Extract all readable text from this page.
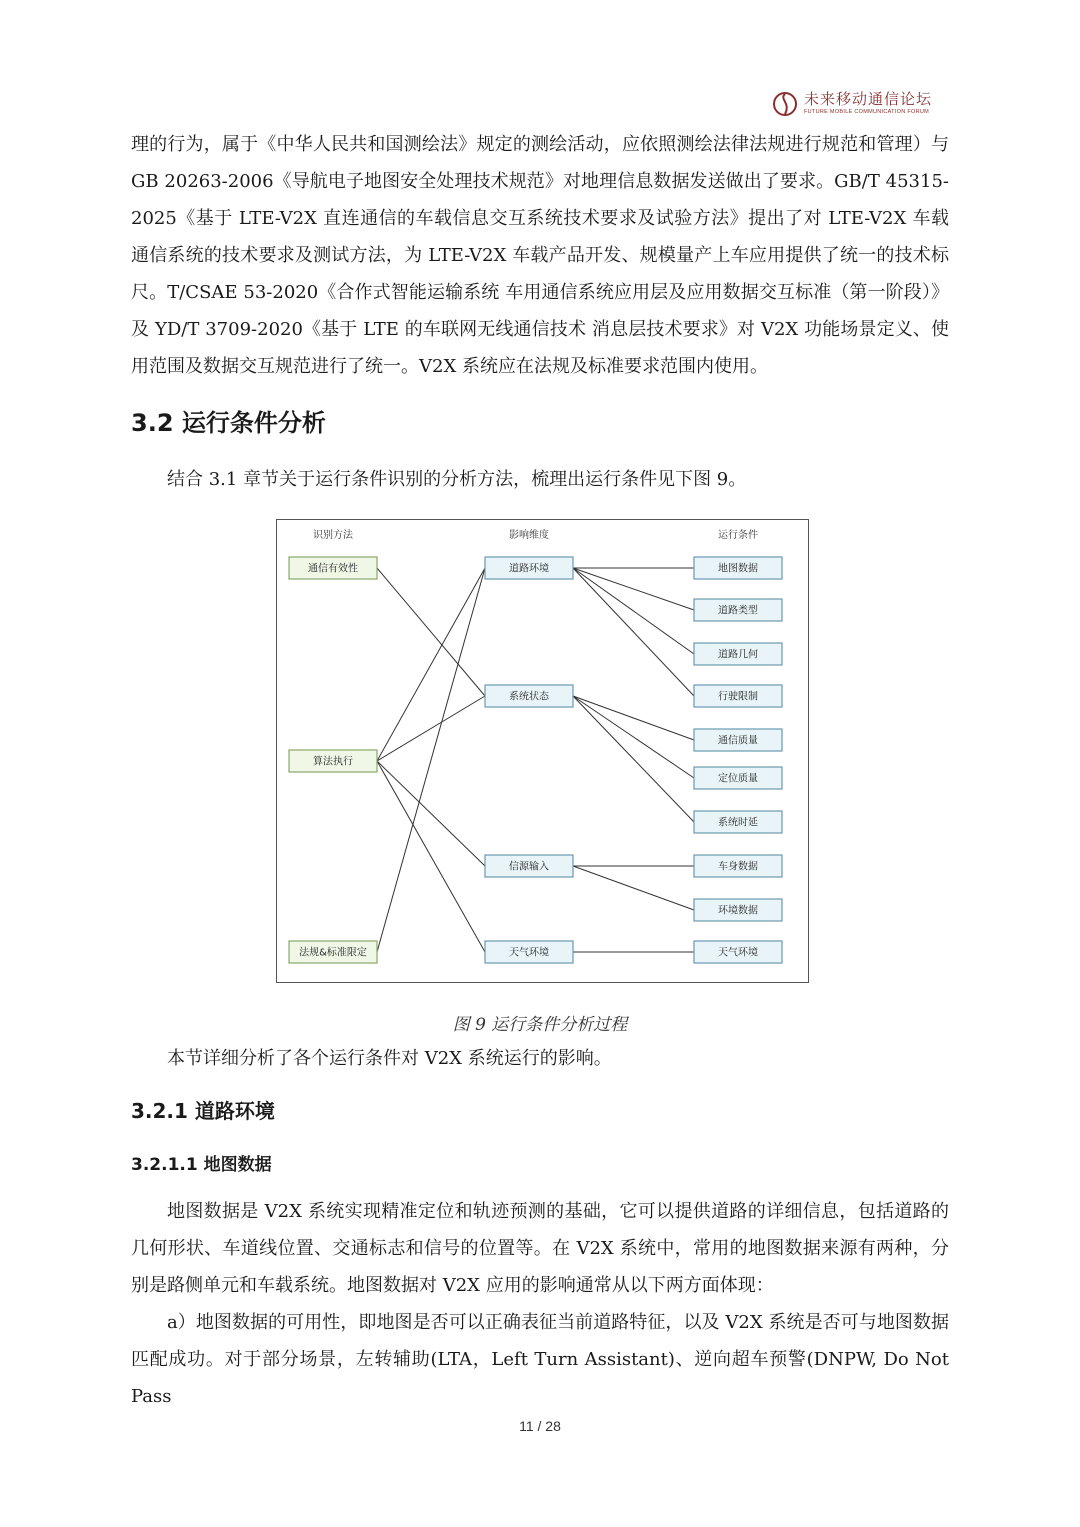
未来移动通信论坛
FUTURE MOBILE COMMUNICATION FORUM
理的行为，属于《中华人民共和国测绘法》规定的测绘活动，应依照测绘法律法规进行规范和管理）与 GB 20263-2006《导航电子地图安全处理技术规范》对地理信息数据发送做出了要求。GB/T 45315-2025《基于 LTE-V2X 直连通信的车载信息交互系统技术要求及试验方法》提出了对 LTE-V2X 车载通信系统的技术要求及测试方法，为 LTE-V2X 车载产品开发、规模量产上车应用提供了统一的技术标尺。T/CSAE 53-2020《合作式智能运输系统 车用通信系统应用层及应用数据交互标准（第一阶段）》及 YD/T 3709-2020《基于 LTE 的车联网无线通信技术 消息层技术要求》对 V2X 功能场景定义、使用范围及数据交互规范进行了统一。V2X 系统应在法规及标准要求范围内使用。
3.2 运行条件分析
结合 3.1 章节关于运行条件识别的分析方法，梳理出运行条件见下图 9。
识别方法	影响维度	运行条件
通信有效性
算法执行
法规&标准限定
道路环境
系统状态
信源输入
天气环境
地图数据
道路类型
道路几何
行驶限制
通信质量
定位质量
系统时延
车身数据
环境数据
天气环境
图 9 运行条件分析过程
本节详细分析了各个运行条件对 V2X 系统运行的影响。
3.2.1 道路环境
3.2.1.1 地图数据
地图数据是 V2X 系统实现精准定位和轨迹预测的基础，它可以提供道路的详细信息，包括道路的几何形状、车道线位置、交通标志和信号的位置等。在 V2X 系统中，常用的地图数据来源有两种，分别是路侧单元和车载系统。地图数据对 V2X 应用的影响通常从以下两方面体现：
a）地图数据的可用性，即地图是否可以正确表征当前道路特征，以及 V2X 系统是否可与地图数据匹配成功。对于部分场景，左转辅助(LTA，Left Turn Assistant)、逆向超车预警(DNPW, Do Not Pass
11 / 28
